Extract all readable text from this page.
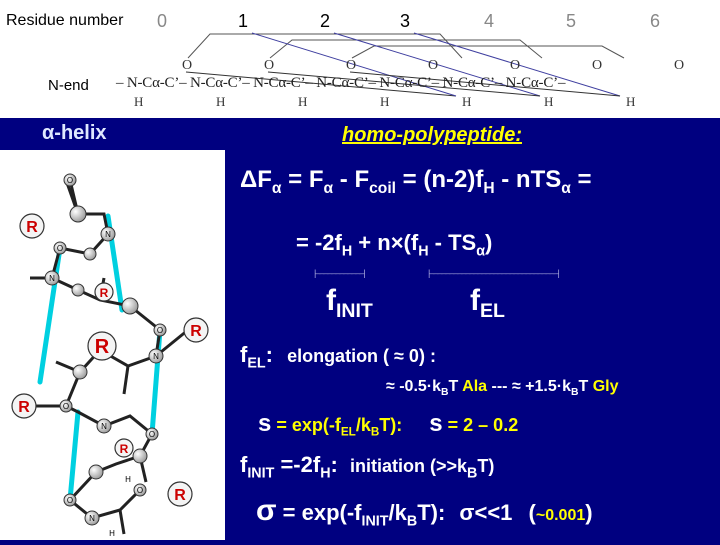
Residue number 0	1	2	3	4	5	6
O	O	O	O	O	O	O
N-end – N-Cα-C’– N-Cα-C’– N-Cα-C’– N-Cα-C’– N-Cα-C’– N-Cα-C’– N-Cα-C’–
H	H	H	H	H	H	H
α-helix	homo-polypeptide:
R
R
R
R
R
R
R
O
N
O
N
O
N
O
N
O
O
N
O
H
H
$\Delta F_\alpha = F_\alpha - F_{coil} = (n-2)f_H - nTS_\alpha$ =
= $-2f_H + n\times(f_H - TS_\alpha)$
|‒‒‒‒‒‒‒‒‒‒‒‒|	|‒‒‒‒‒‒‒‒‒‒‒‒‒‒‒‒‒‒‒‒‒‒‒‒‒‒‒‒‒‒‒‒|
$f_{INIT}$	$f_{EL}$
$f_{EL}$: elongation ( ≈ 0) :
≈ $-0.5\cdot k_BT$ Ala --- ≈ $+1.5\cdot k_BT$ Gly
$s = \exp(-f_{EL}/k_BT)$: s = 2 – 0.2
$f_{INIT} =-2f_H$: initiation $(>>k_BT)$
$\sigma = \exp(-f_{INIT}/k_BT)$: σ<<1 (~0.001)
